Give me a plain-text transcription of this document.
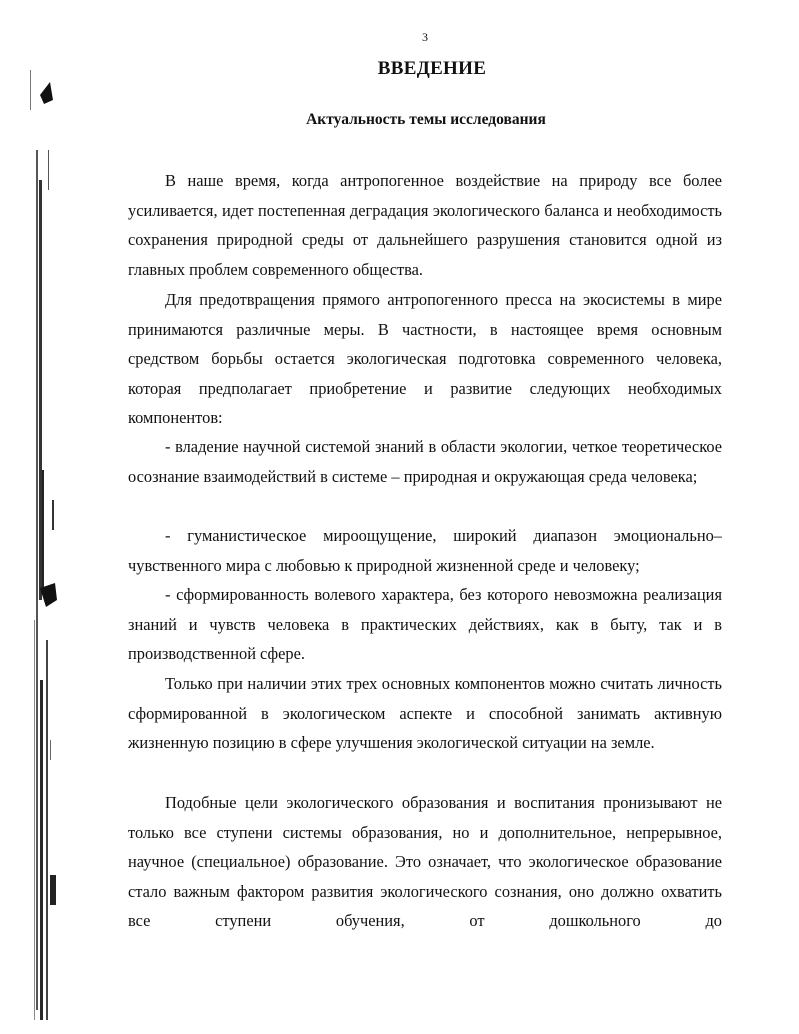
3
ВВЕДЕНИЕ
Актуальность темы исследования

В наше время, когда антропогенное воздействие на природу все более усиливается, идет постепенная деградация экологического баланса и необходимость сохранения природной среды от дальнейшего разрушения становится одной из главных проблем современного общества.

Для предотвращения прямого антропогенного пресса на экосистемы в мире принимаются различные меры. В частности, в настоящее время основным средством борьбы остается экологическая подготовка современного человека, которая предполагает приобретение и развитие следующих необходимых компонентов:

- владение научной системой знаний в области экологии, четкое теоретическое осознание взаимодействий в системе – природная и окружающая среда человека;

- гуманистическое мироощущение, широкий диапазон эмоционально–чувственного мира с любовью к природной жизненной среде и человеку;

- сформированность волевого характера, без которого невозможна реализация знаний и чувств человека в практических действиях, как в быту, так и в производственной сфере.

Только при наличии этих трех основных компонентов можно считать личность сформированной в экологическом аспекте и способной занимать активную жизненную позицию в сфере улучшения экологической ситуации на земле.

Подобные цели экологического образования и воспитания пронизывают не только все ступени системы образования, но и дополнительное, непрерывное, научное (специальное) образование. Это означает, что экологическое образование стало важным фактором развития экологического сознания, оно должно охватить все ступени обучения, от дошкольного до
